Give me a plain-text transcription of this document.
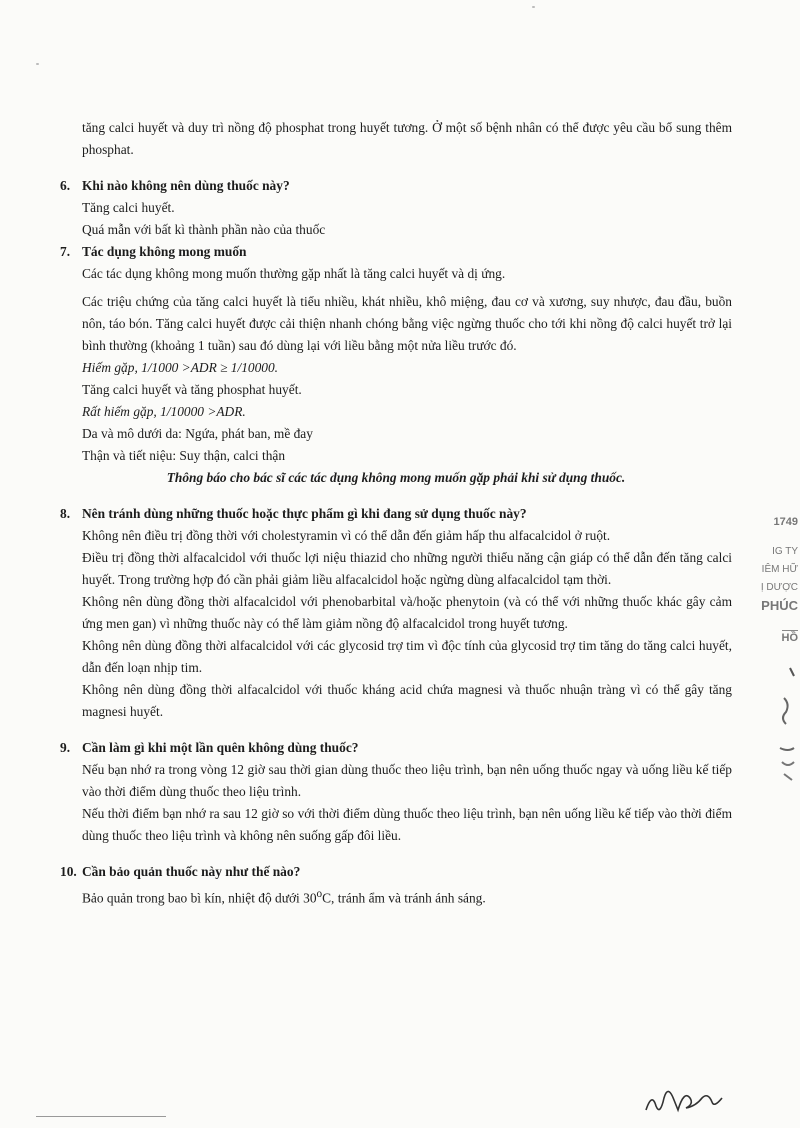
tăng calci huyết và duy trì nồng độ phosphat trong huyết tương. Ở một số bệnh nhân có thể được yêu cầu bổ sung thêm phosphat.

6. Khi nào không nên dùng thuốc này?

Tăng calci huyết.

Quá mẫn với bất kì thành phần nào của thuốc

7. Tác dụng không mong muốn

Các tác dụng không mong muốn thường gặp nhất là tăng calci huyết và dị ứng.

Các triệu chứng của tăng calci huyết là tiểu nhiều, khát nhiều, khô miệng, đau cơ và xương, suy nhược, đau đầu, buồn nôn, táo bón. Tăng calci huyết được cải thiện nhanh chóng bằng việc ngừng thuốc cho tới khi nồng độ calci huyết trở lại bình thường (khoảng 1 tuần) sau đó dùng lại với liều bằng một nửa liều trước đó.

Hiếm gặp, 1/1000 >ADR ≥ 1/10000.

Tăng calci huyết và tăng phosphat huyết.

Rất hiếm gặp, 1/10000 >ADR.

Da và mô dưới da: Ngứa, phát ban, mề đay

Thận và tiết niệu: Suy thận, calci thận

Thông báo cho bác sĩ các tác dụng không mong muốn gặp phải khi sử dụng thuốc.

8. Nên tránh dùng những thuốc hoặc thực phẩm gì khi đang sử dụng thuốc này?

Không nên điều trị đồng thời với cholestyramin vì có thể dẫn đến giảm hấp thu alfacalcidol ở ruột.

Điều trị đồng thời alfacalcidol với thuốc lợi niệu thiazid cho những người thiểu năng cận giáp có thể dẫn đến tăng calci huyết. Trong trường hợp đó cần phải giảm liều alfacalcidol hoặc ngừng dùng alfacalcidol tạm thời.

Không nên dùng đồng thời alfacalcidol với phenobarbital và/hoặc phenytoin (và có thể với những thuốc khác gây cảm ứng men gan) vì những thuốc này có thể làm giảm nồng độ alfacalcidol trong huyết tương.

Không nên dùng đồng thời alfacalcidol với các glycosid trợ tim vì độc tính của glycosid trợ tim tăng do tăng calci huyết, dẫn đến loạn nhịp tim.

Không nên dùng đồng thời alfacalcidol với thuốc kháng acid chứa magnesi và thuốc nhuận tràng vì có thể gây tăng magnesi huyết.

9. Cần làm gì khi một lần quên không dùng thuốc?

Nếu bạn nhớ ra trong vòng 12 giờ sau thời gian dùng thuốc theo liệu trình, bạn nên uống thuốc ngay và uống liều kế tiếp vào thời điểm dùng thuốc theo liệu trình.

Nếu thời điểm bạn nhớ ra sau 12 giờ so với thời điểm dùng thuốc theo liệu trình, bạn nên uống liều kế tiếp vào thời điểm dùng thuốc theo liệu trình và không nên suống gấp đôi liều.

10. Cần bảo quản thuốc này như thế nào?

Bảo quản trong bao bì kín, nhiệt độ dưới 30$^o$C, tránh ẩm và tránh ánh sáng.

1749
IG TY
IÊM HỮ
Ị DƯỢC
PHÚC
HỒ
